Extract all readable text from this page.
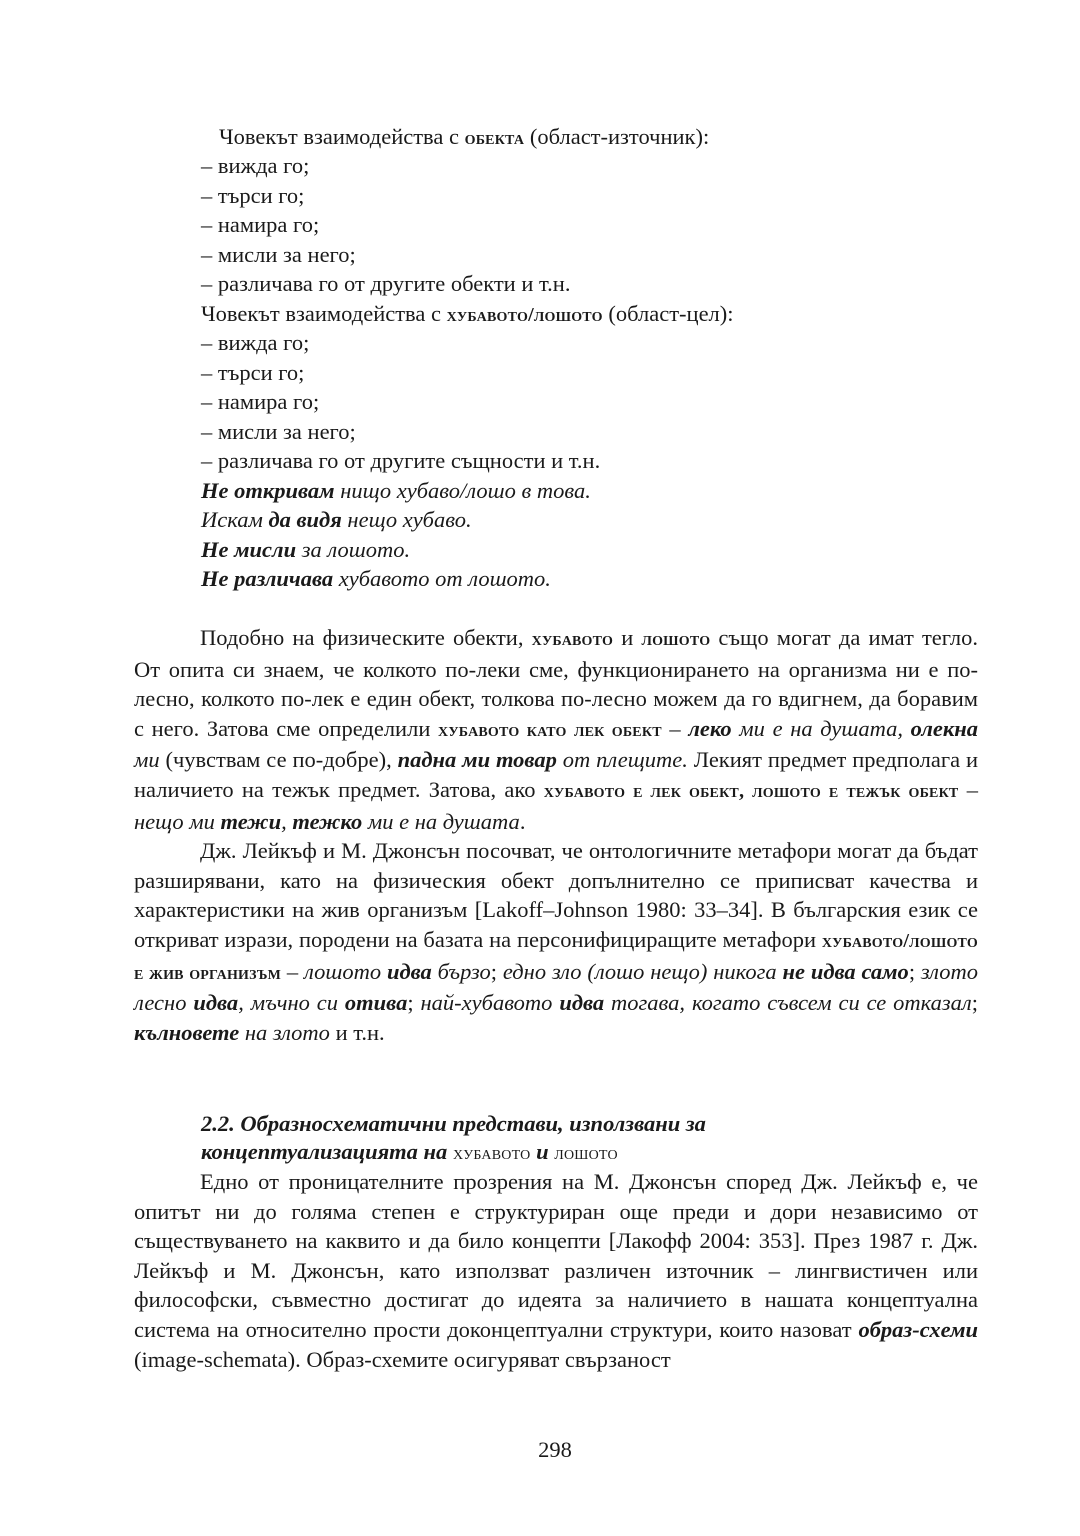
Човекът взаимодейства с обекта (област-източник):
– вижда го;
– търси го;
– намира го;
– мисли за него;
– различава го от другите обекти и т.н.
Човекът взаимодейства с хубавото/лошото (област-цел):
– вижда го;
– търси го;
– намира го;
– мисли за него;
– различава го от другите същности и т.н.
Не откривам нищо хубаво/лошо в това.
Искам да видя нещо хубаво.
Не мисли за лошото.
Не различава хубавото от лошото.

Подобно на физическите обекти, хубавото и лошото също могат да имат тегло. От опита си знаем, че колкото по-леки сме, функционирането на организма ни е по-лесно, колкото по-лек е един обект, толкова по-лесно можем да го вдигнем, да боравим с него. Затова сме определили хубавото като лек обект – леко ми е на душата, олекна ми (чувствам се по-добре), падна ми товар от плещите. Лекият предмет предполага и наличието на тежък предмет. Затова, ако хубавото е лек обект, лошото е тежък обект – нещо ми тежи, тежко ми е на душата.

Дж. Лейкъф и М. Джонсън посочват, че онтологичните метафори могат да бъдат разширявани, като на физическия обект допълнително се приписват качества и характеристики на жив организъм [Lakoff–Johnson 1980: 33–34]. В българския език се откриват изрази, породени на базата на персонифициращите метафори хубавото/лошото е жив организъм – лошото идва бързо; едно зло (лошо нещо) никога не идва само; злото лесно идва, мъчно си отива; най-хубавото идва тогава, когато съвсем си се отказал; кълновете на злото и т.н.

2.2. Образносхематични представи, използвани за
концептуализацията на хубавото и лошото

Едно от проницателните прозрения на М. Джонсън според Дж. Лейкъф е, че опитът ни до голяма степен е структуриран още преди и дори независимо от съществуването на каквито и да било концепти [Лакофф 2004: 353]. През 1987 г. Дж. Лейкъф и М. Джонсън, като използват различен източник – лингвистичен или философски, съвместно достигат до идеята за наличието в нашата концептуална система на относително прости доконцептуални структури, които назоват образ-схеми (image-schemata). Образ-схемите осигуряват свързаност

298
